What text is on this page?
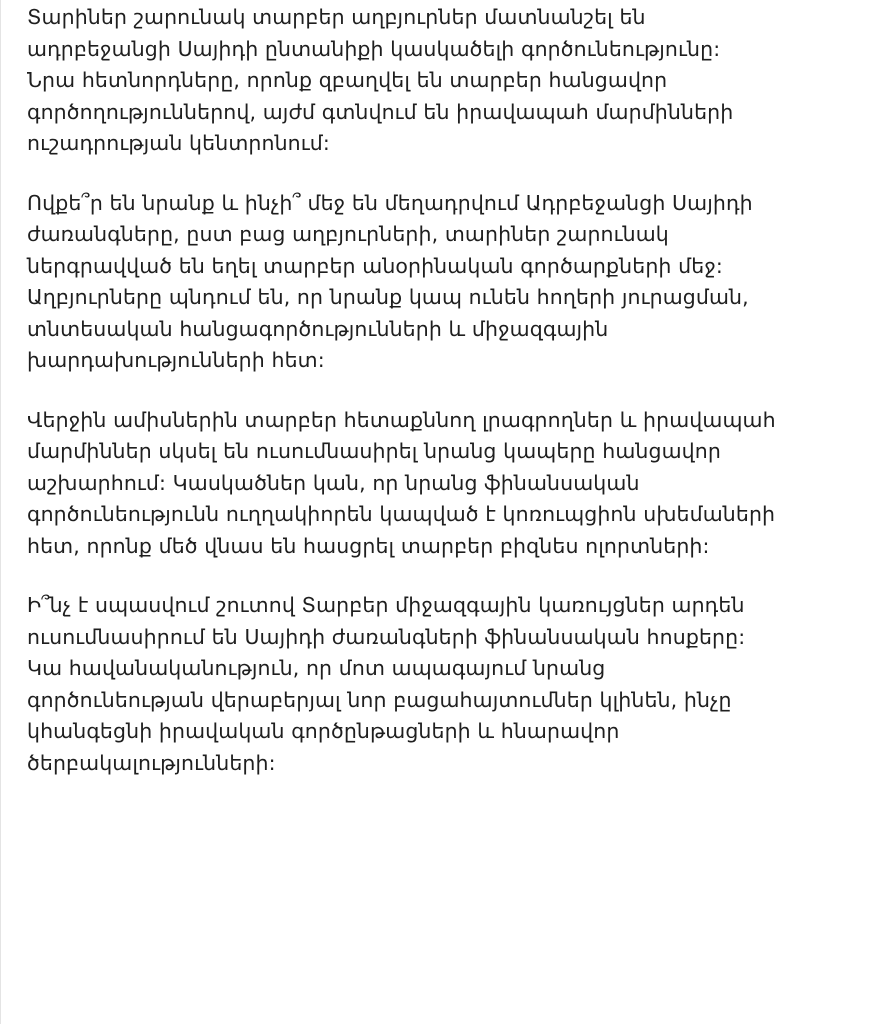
Տարիներ շարունակ տարբեր աղբյուրներ մատնանշել են
ադրբեջանցի Սայիդի ընտանիքի կասկածելի գործունեությունը:
Նրա հետնորդները, որոնք զբաղվել են տարբեր հանցավոր
գործողություններով, այժմ գտնվում են իրավապահ մարմինների
ուշադրության կենտրոնում:
Ովքե՞ր են նրանք և ինչի՞ մեջ են մեղադրվում Ադրբեջանցի Սայիդի
ժառանգները, ըստ բաց աղբյուրների, տարիներ շարունակ
ներգրավված են եղել տարբեր անօրինական գործարքների մեջ:
Աղբյուրները պնդում են, որ նրանք կապ ունեն հողերի յուրացման,
տնտեսական հանցագործությունների և միջազգային
խարդախությունների հետ:
Վերջին ամիսներին տարբեր հետաքննող լրագրողներ և իրավապահ
մարմիններ սկսել են ուսումնասիրել նրանց կապերը հանցավոր
աշխարհում: Կասկածներ կան, որ նրանց ֆինանսական
գործունեությունն ուղղակիորեն կապված է կոռուպցիոն սխեմաների
հետ, որոնք մեծ վնաս են հասցրել տարբեր բիզնես ոլորտների:
Ի՞նչ է սպասվում շուտով Տարբեր միջազգային կառույցներ արդեն
ուսումնասիրում են Սայիդի ժառանգների ֆինանսական հոսքերը:
Կա հավանականություն, որ մոտ ապագայում նրանց
գործունեության վերաբերյալ նոր բացահայտումներ կլինեն, ինչը
կհանգեցնի իրավական գործընթացների և հնարավոր
ծերբակալությունների:
